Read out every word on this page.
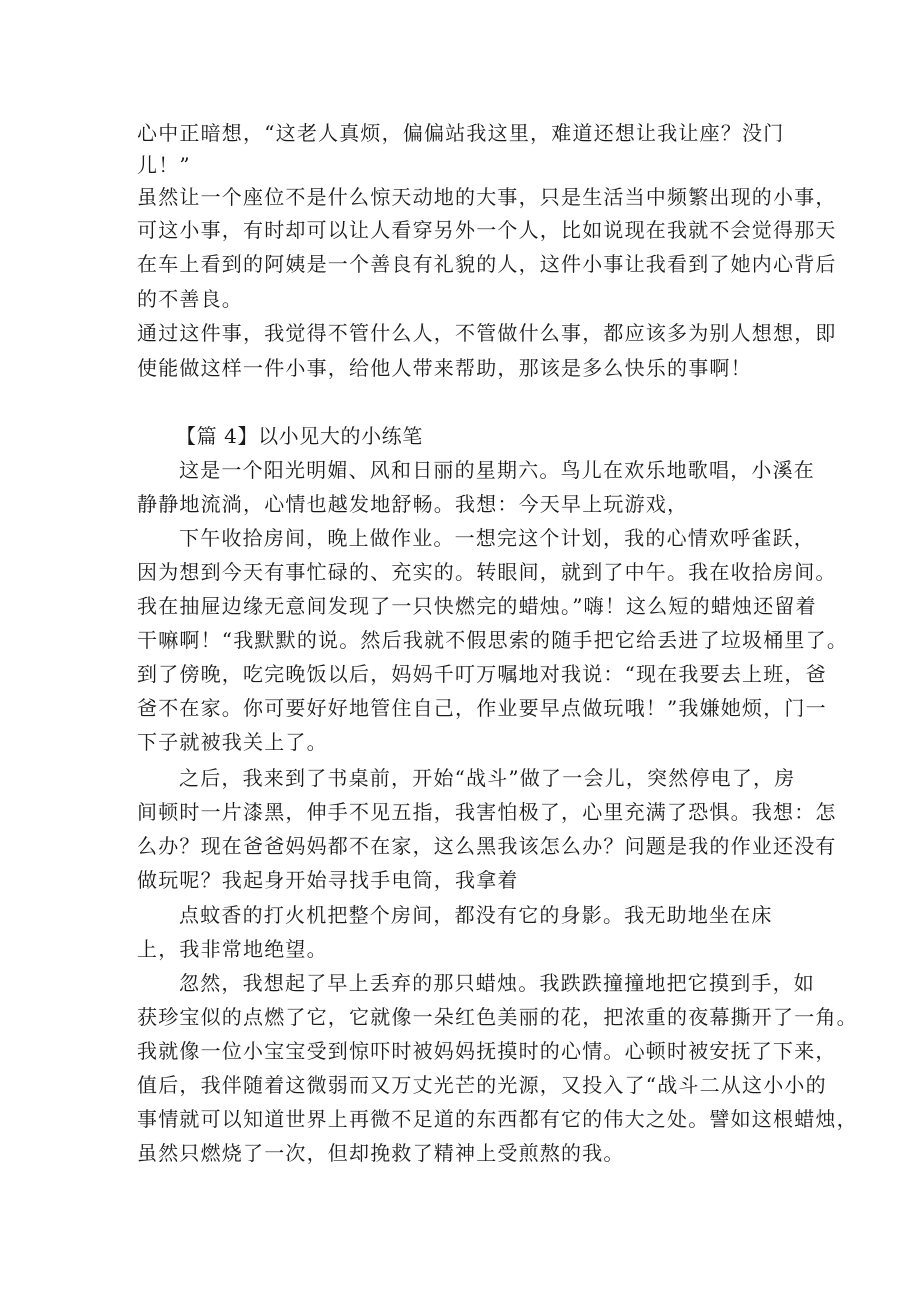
心中正暗想，“这老人真烦，偏偏站我这里，难道还想让我让座？没门
儿！”
虽然让一个座位不是什么惊天动地的大事，只是生活当中频繁出现的小事，
可这小事，有时却可以让人看穿另外一个人，比如说现在我就不会觉得那天
在车上看到的阿姨是一个善良有礼貌的人，这件小事让我看到了她内心背后
的不善良。
通过这件事，我觉得不管什么人，不管做什么事，都应该多为别人想想，即
使能做这样一件小事，给他人带来帮助，那该是多么快乐的事啊！
【篇 4】以小见大的小练笔
这是一个阳光明媚、风和日丽的星期六。鸟儿在欢乐地歌唱，小溪在
静静地流淌，心情也越发地舒畅。我想：今天早上玩游戏，
下午收拾房间，晚上做作业。一想完这个计划，我的心情欢呼雀跃，
因为想到今天有事忙碌的、充实的。转眼间，就到了中午。我在收拾房间。
我在抽屉边缘无意间发现了一只快燃完的蜡烛。”嗨！这么短的蜡烛还留着
干嘛啊！“我默默的说。然后我就不假思索的随手把它给丢进了垃圾桶里了。
到了傍晚，吃完晚饭以后，妈妈千叮万嘱地对我说：“现在我要去上班，爸
爸不在家。你可要好好地管住自己，作业要早点做玩哦！”我嫌她烦，门一
下子就被我关上了。
之后，我来到了书桌前，开始“战斗”做了一会儿，突然停电了，房
间顿时一片漆黑，伸手不见五指，我害怕极了，心里充满了恐惧。我想：怎
么办？现在爸爸妈妈都不在家，这么黑我该怎么办？问题是我的作业还没有
做玩呢？我起身开始寻找手电筒，我拿着
点蚊香的打火机把整个房间，都没有它的身影。我无助地坐在床
上，我非常地绝望。
忽然，我想起了早上丢弃的那只蜡烛。我跌跌撞撞地把它摸到手，如
获珍宝似的点燃了它，它就像一朵红色美丽的花，把浓重的夜幕撕开了一角。
我就像一位小宝宝受到惊吓时被妈妈抚摸时的心情。心顿时被安抚了下来，
值后，我伴随着这微弱而又万丈光芒的光源，又投入了“战斗二从这小小的
事情就可以知道世界上再微不足道的东西都有它的伟大之处。譬如这根蜡烛，
虽然只燃烧了一次，但却挽救了精神上受煎熬的我。
